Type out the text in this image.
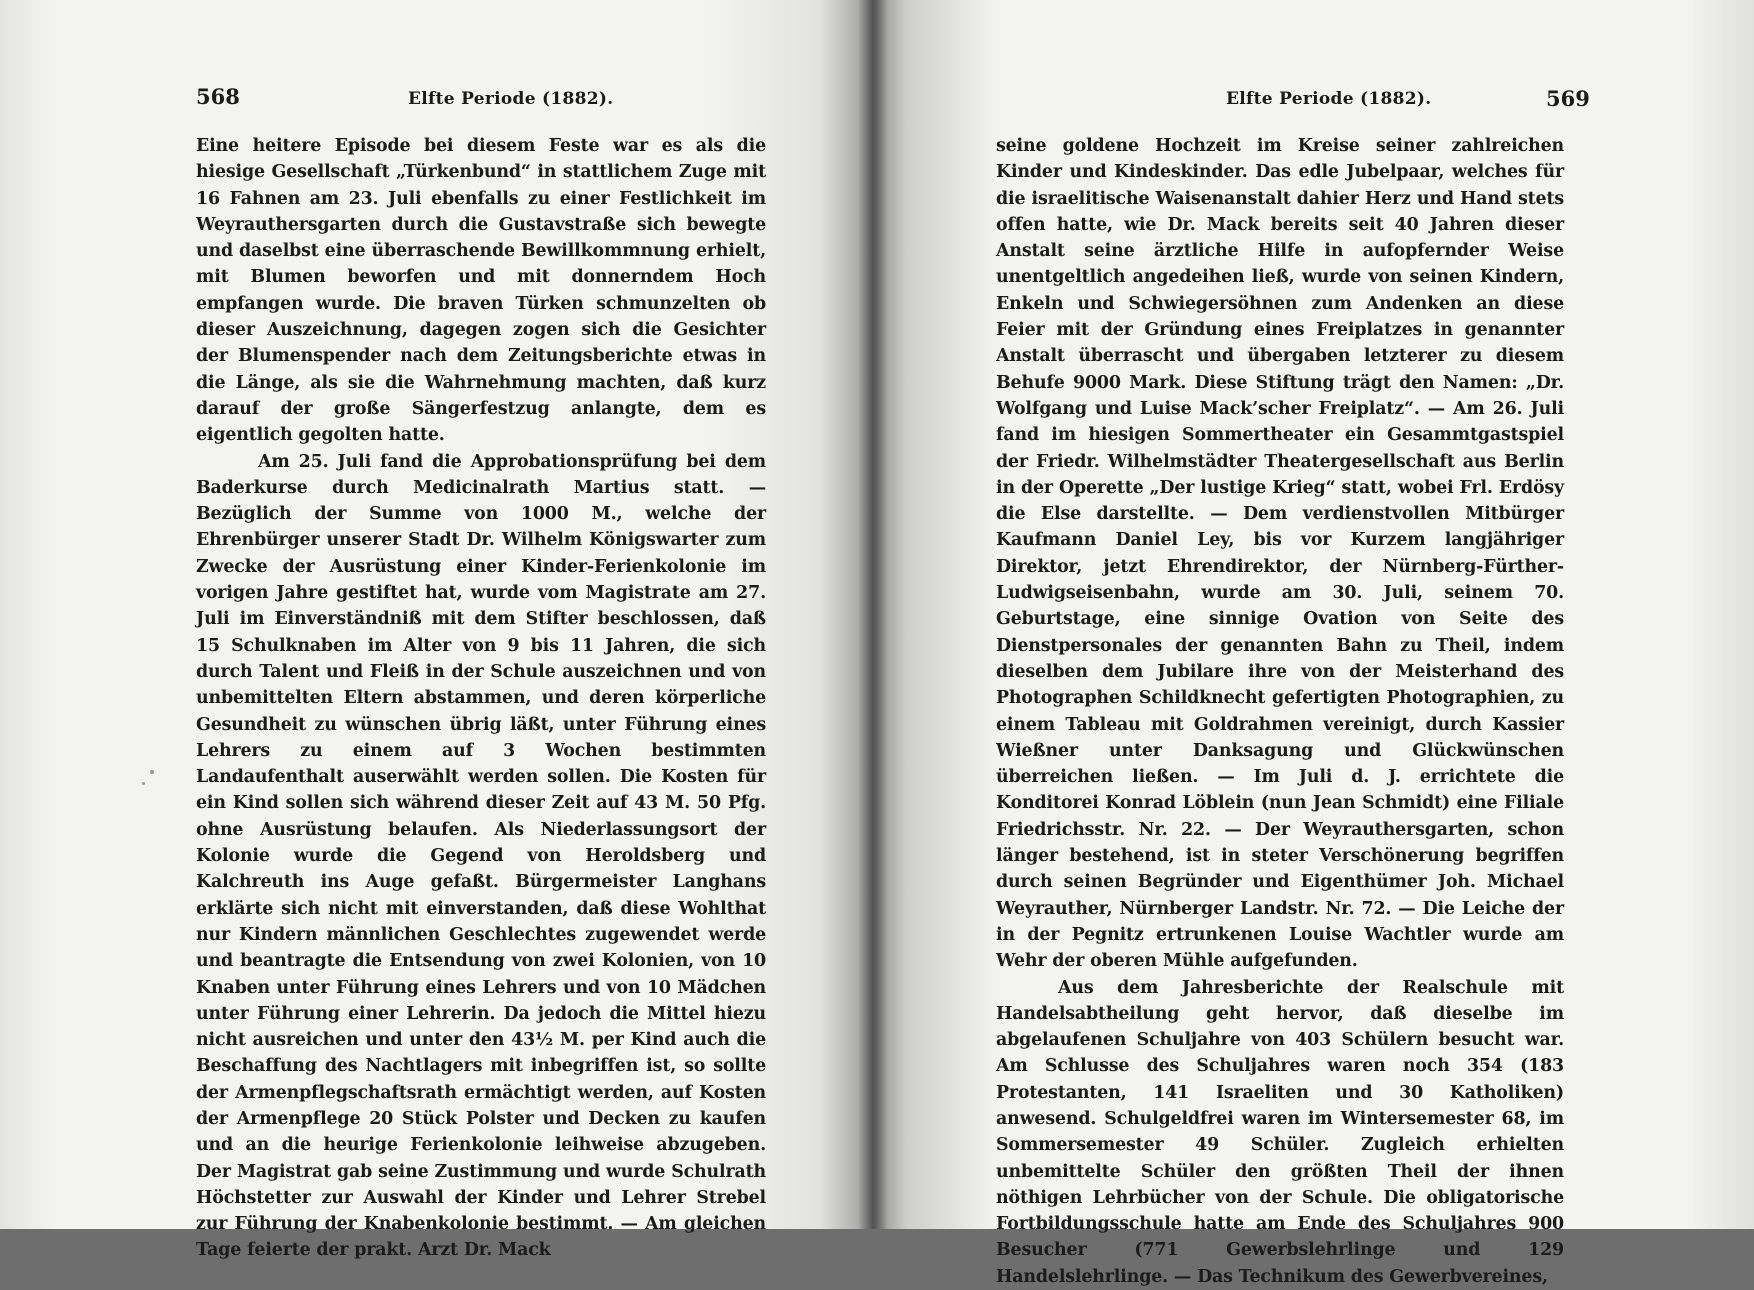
568	Elfte Periode (1882).

Eine heitere Episode bei diesem Feste war es als die hiesige Gesellschaft „Türkenbund“ in stattlichem Zuge mit 16 Fahnen am 23. Juli ebenfalls zu einer Festlichkeit im Weyrauthersgarten durch die Gustavstraße sich bewegte und daselbst eine überraschende Bewillkommnung erhielt, mit Blumen beworfen und mit donnerndem Hoch empfangen wurde. Die braven Türken schmunzelten ob dieser Auszeichnung, dagegen zogen sich die Gesichter der Blumenspender nach dem Zeitungsberichte etwas in die Länge, als sie die Wahrnehmung machten, daß kurz darauf der große Sängerfestzug anlangte, dem es eigentlich gegolten hatte.

Am 25. Juli fand die Approbationsprüfung bei dem Baderkurse durch Medicinalrath Martius statt. — Bezüglich der Summe von 1000 M., welche der Ehrenbürger unserer Stadt Dr. Wilhelm Königswarter zum Zwecke der Ausrüstung einer Kinder-Ferienkolonie im vorigen Jahre gestiftet hat, wurde vom Magistrate am 27. Juli im Einverständniß mit dem Stifter beschlossen, daß 15 Schulknaben im Alter von 9 bis 11 Jahren, die sich durch Talent und Fleiß in der Schule auszeichnen und von unbemittelten Eltern abstammen, und deren körperliche Gesundheit zu wünschen übrig läßt, unter Führung eines Lehrers zu einem auf 3 Wochen bestimmten Landaufenthalt auserwählt werden sollen. Die Kosten für ein Kind sollen sich während dieser Zeit auf 43 M. 50 Pfg. ohne Ausrüstung belaufen. Als Niederlassungsort der Kolonie wurde die Gegend von Heroldsberg und Kalchreuth ins Auge gefaßt. Bürgermeister Langhans erklärte sich nicht mit einverstanden, daß diese Wohlthat nur Kindern männlichen Geschlechtes zugewendet werde und beantragte die Entsendung von zwei Kolonien, von 10 Knaben unter Führung eines Lehrers und von 10 Mädchen unter Führung einer Lehrerin. Da jedoch die Mittel hiezu nicht ausreichen und unter den 43½ M. per Kind auch die Beschaffung des Nachtlagers mit inbegriffen ist, so sollte der Armenpflegschaftsrath ermächtigt werden, auf Kosten der Armenpflege 20 Stück Polster und Decken zu kaufen und an die heurige Ferienkolonie leihweise abzugeben. Der Magistrat gab seine Zustimmung und wurde Schulrath Höchstetter zur Auswahl der Kinder und Lehrer Strebel zur Führung der Knabenkolonie bestimmt. — Am gleichen Tage feierte der prakt. Arzt Dr. Mack

Elfte Periode (1882).	569

seine goldene Hochzeit im Kreise seiner zahlreichen Kinder und Kindeskinder. Das edle Jubelpaar, welches für die israelitische Waisenanstalt dahier Herz und Hand stets offen hatte, wie Dr. Mack bereits seit 40 Jahren dieser Anstalt seine ärztliche Hilfe in aufopfernder Weise unentgeltlich angedeihen ließ, wurde von seinen Kindern, Enkeln und Schwiegersöhnen zum Andenken an diese Feier mit der Gründung eines Freiplatzes in genannter Anstalt überrascht und übergaben letzterer zu diesem Behufe 9000 Mark. Diese Stiftung trägt den Namen: „Dr. Wolfgang und Luise Mack’scher Freiplatz“. — Am 26. Juli fand im hiesigen Sommertheater ein Gesammtgastspiel der Friedr. Wilhelmstädter Theatergesellschaft aus Berlin in der Operette „Der lustige Krieg“ statt, wobei Frl. Erdösy die Else darstellte. — Dem verdienstvollen Mitbürger Kaufmann Daniel Ley, bis vor Kurzem langjähriger Direktor, jetzt Ehrendirektor, der Nürnberg-Fürther-Ludwigseisenbahn, wurde am 30. Juli, seinem 70. Geburtstage, eine sinnige Ovation von Seite des Dienstpersonales der genannten Bahn zu Theil, indem dieselben dem Jubilare ihre von der Meisterhand des Photographen Schildknecht gefertigten Photographien, zu einem Tableau mit Goldrahmen vereinigt, durch Kassier Wießner unter Danksagung und Glückwünschen überreichen ließen. — Im Juli d. J. errichtete die Konditorei Konrad Löblein (nun Jean Schmidt) eine Filiale Friedrichsstr. Nr. 22. — Der Weyrauthersgarten, schon länger bestehend, ist in steter Verschönerung begriffen durch seinen Begründer und Eigenthümer Joh. Michael Weyrauther, Nürnberger Landstr. Nr. 72. — Die Leiche der in der Pegnitz ertrunkenen Louise Wachtler wurde am Wehr der oberen Mühle aufgefunden.

Aus dem Jahresberichte der Realschule mit Handelsabtheilung geht hervor, daß dieselbe im abgelaufenen Schuljahre von 403 Schülern besucht war. Am Schlusse des Schuljahres waren noch 354 (183 Protestanten, 141 Israeliten und 30 Katholiken) anwesend. Schulgeldfrei waren im Wintersemester 68, im Sommersemester 49 Schüler. Zugleich erhielten unbemittelte Schüler den größten Theil der ihnen nöthigen Lehrbücher von der Schule. Die obligatorische Fortbildungsschule hatte am Ende des Schuljahres 900 Besucher (771 Gewerbslehrlinge und 129 Handelslehrlinge. — Das Technikum des Gewerbvereines,
